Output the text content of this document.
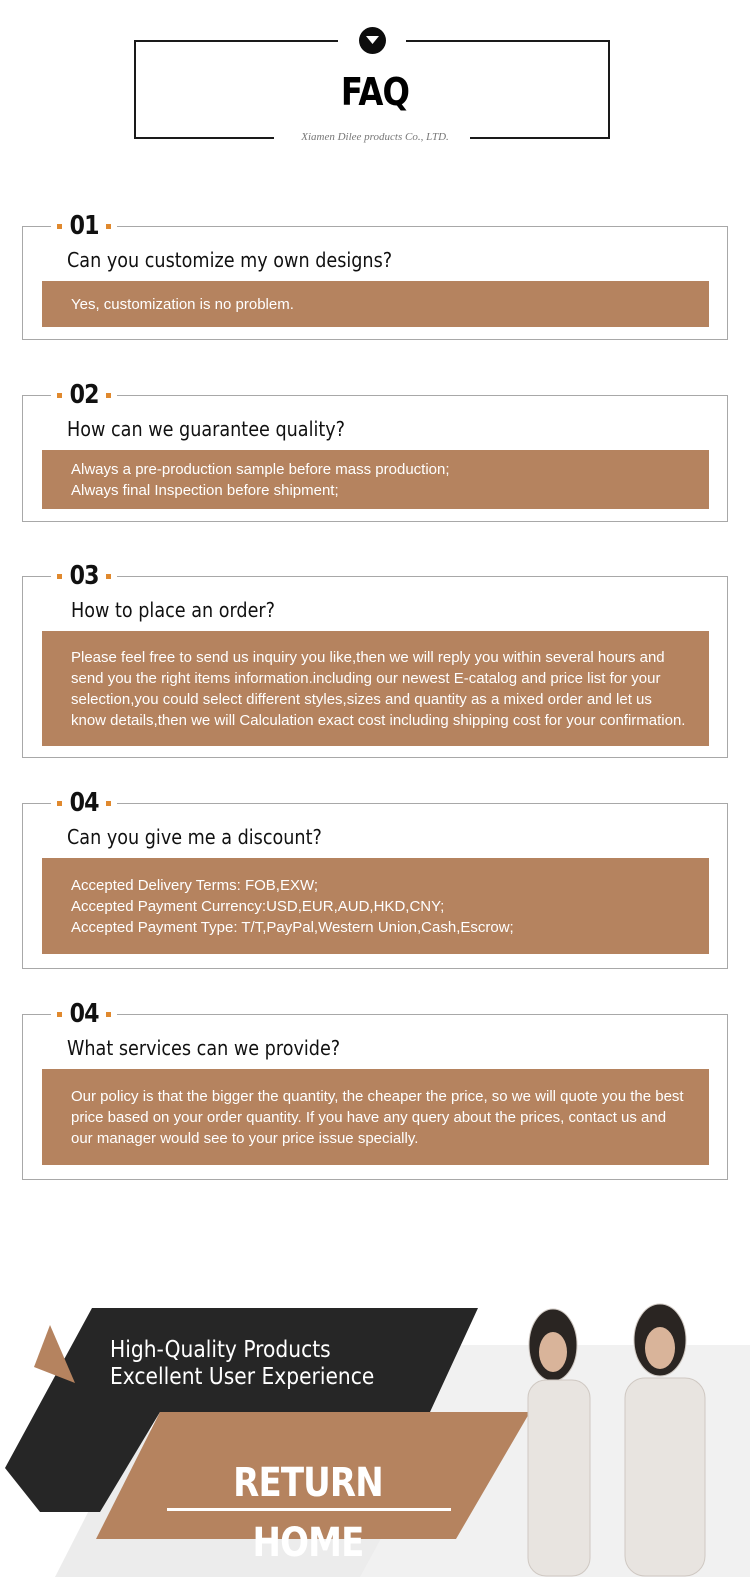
FAQ
Xiamen Dilee products Co., LTD.
01
Can you customize my own designs?
Yes, customization is no problem.
02
How can we guarantee quality?
Always a pre-production sample before mass production;
Always final Inspection before shipment;
03
How to place an order?
Please feel free to send us inquiry you like,then we will reply you within several hours and send you the right items information.including our newest E-catalog and price list for your selection,you could select different styles,sizes and quantity as a mixed order and let us know details,then we will Calculation exact cost including shipping cost for your confirmation.
04
Can you give me a discount?
Accepted Delivery Terms: FOB,EXW;
Accepted Payment Currency:USD,EUR,AUD,HKD,CNY;
Accepted Payment Type: T/T,PayPal,Western Union,Cash,Escrow;
04
What services can we provide?
Our policy is that the bigger the quantity, the cheaper the price, so we will quote you the best price based on your order quantity. If you have any query about the prices, contact us and our manager would see to your price issue specially.
High-Quality Products
Excellent User Experience
RETURN HOME
